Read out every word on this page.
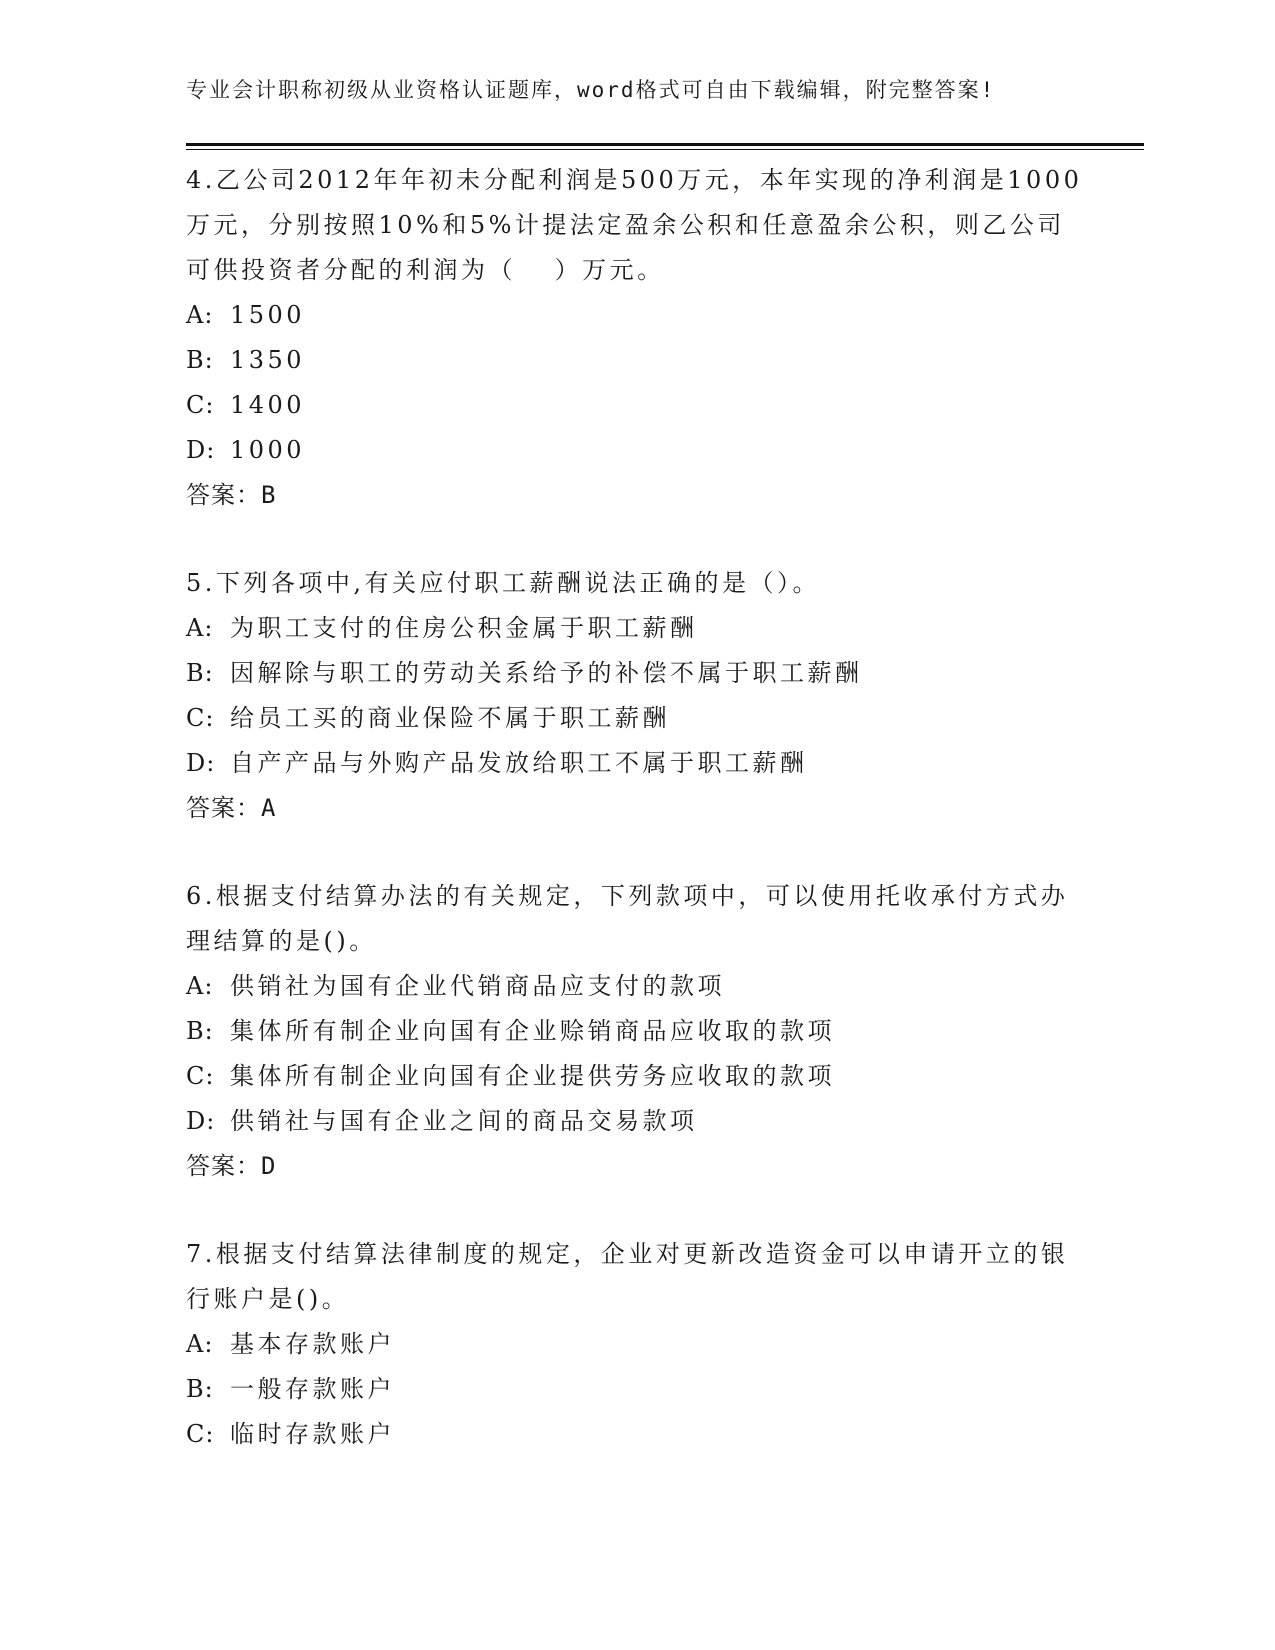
专业会计职称初级从业资格认证题库，word格式可自由下载编辑，附完整答案!

4.乙公司2012年年初未分配利润是500万元，本年实现的净利润是1000万元，分别按照10%和5%计提法定盈余公积和任意盈余公积，则乙公司可供投资者分配的利润为（　 ）万元。

A: 1500

B: 1350

C: 1400

D: 1000

答案：B

5.下列各项中,有关应付职工薪酬说法正确的是（）。

A: 为职工支付的住房公积金属于职工薪酬

B: 因解除与职工的劳动关系给予的补偿不属于职工薪酬

C: 给员工买的商业保险不属于职工薪酬

D: 自产产品与外购产品发放给职工不属于职工薪酬

答案：A

6.根据支付结算办法的有关规定，下列款项中，可以使用托收承付方式办理结算的是()。

A: 供销社为国有企业代销商品应支付的款项

B: 集体所有制企业向国有企业赊销商品应收取的款项

C: 集体所有制企业向国有企业提供劳务应收取的款项

D: 供销社与国有企业之间的商品交易款项

答案：D

7.根据支付结算法律制度的规定，企业对更新改造资金可以申请开立的银行账户是()。

A: 基本存款账户

B: 一般存款账户

C: 临时存款账户
